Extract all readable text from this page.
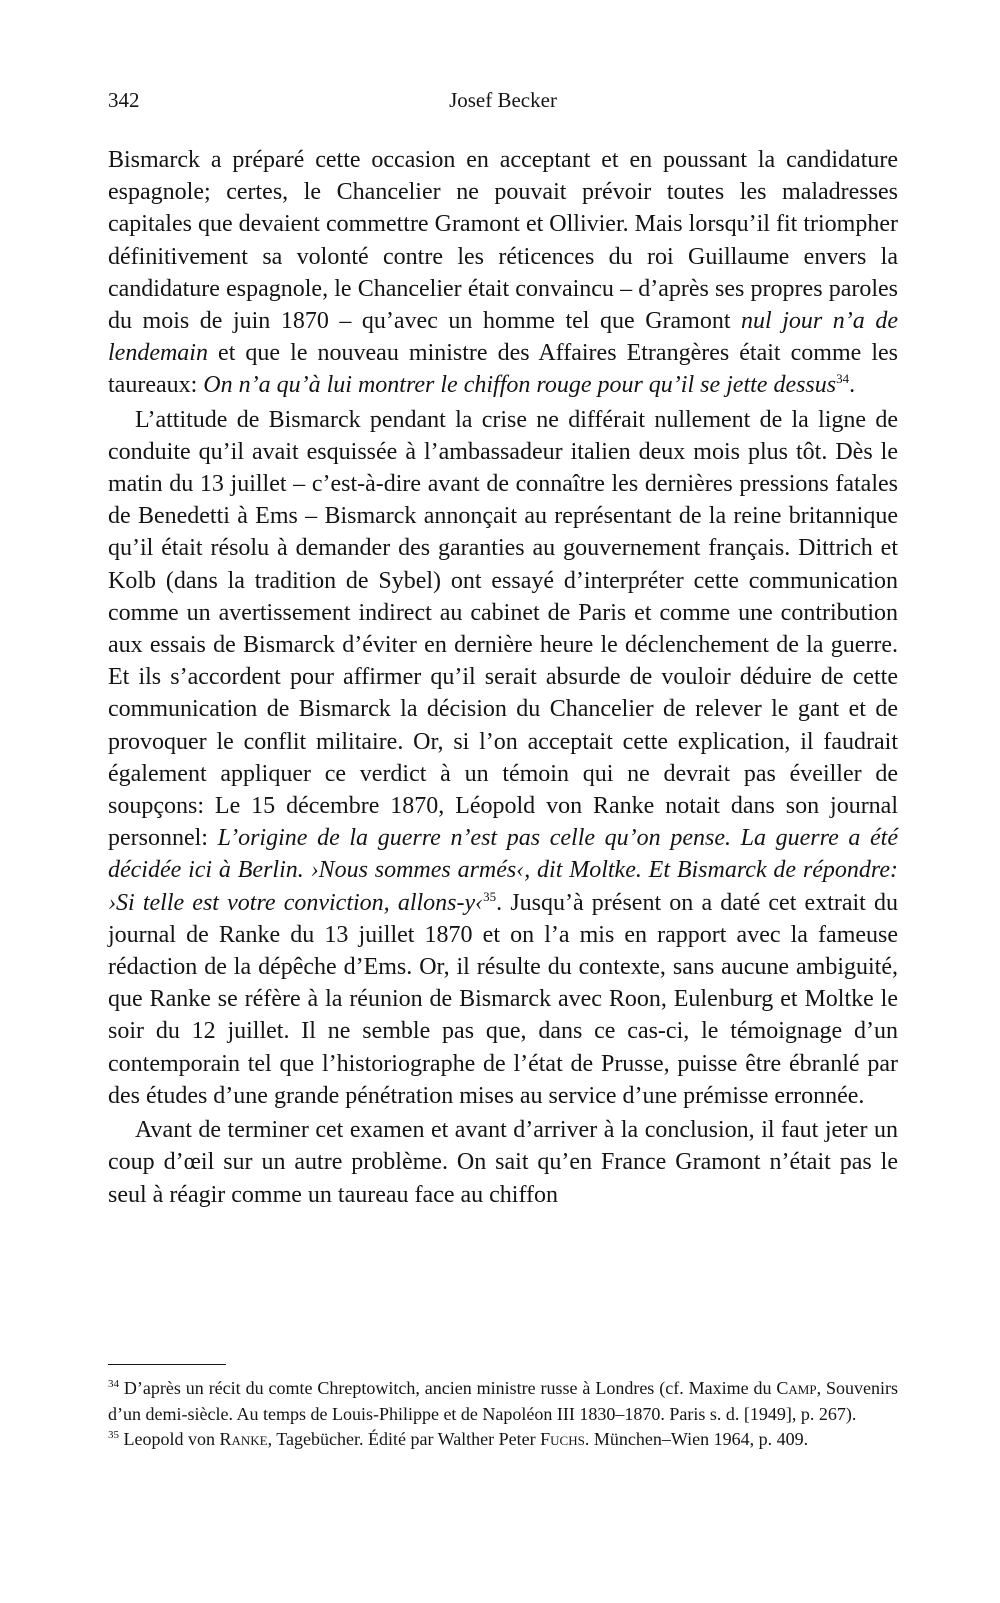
342	Josef Becker

Bismarck a préparé cette occasion en acceptant et en poussant la candidature espagnole; certes, le Chancelier ne pouvait prévoir toutes les maladresses capitales que devaient commettre Gramont et Ollivier. Mais lorsqu’il fit triompher définitivement sa volonté contre les réticences du roi Guillaume envers la candidature espagnole, le Chancelier était convaincu – d’après ses propres paroles du mois de juin 1870 – qu’avec un homme tel que Gramont nul jour n’a de lendemain et que le nouveau ministre des Affaires Etrangères était comme les taureaux: On n’a qu’à lui montrer le chiffon rouge pour qu’il se jette dessus$^{34}$.

L’attitude de Bismarck pendant la crise ne différait nullement de la ligne de conduite qu’il avait esquissée à l’ambassadeur italien deux mois plus tôt. Dès le matin du 13 juillet – c’est-à-dire avant de connaître les dernières pressions fatales de Benedetti à Ems – Bismarck annonçait au représentant de la reine britannique qu’il était résolu à demander des garanties au gouvernement français. Dittrich et Kolb (dans la tradition de Sybel) ont essayé d’interpréter cette communication comme un avertissement indirect au cabinet de Paris et comme une contribution aux essais de Bismarck d’éviter en dernière heure le déclenchement de la guerre. Et ils s’accordent pour affirmer qu’il serait absurde de vouloir déduire de cette communication de Bismarck la décision du Chancelier de relever le gant et de provoquer le conflit militaire. Or, si l’on acceptait cette explication, il faudrait également appliquer ce verdict à un témoin qui ne devrait pas éveiller de soupçons: Le 15 décembre 1870, Léopold von Ranke notait dans son journal personnel: L’origine de la guerre n’est pas celle qu’on pense. La guerre a été décidée ici à Berlin. ›Nous sommes armés‹, dit Moltke. Et Bismarck de répondre: ›Si telle est votre conviction, allons-y‹$^{35}$. Jusqu’à présent on a daté cet extrait du journal de Ranke du 13 juillet 1870 et on l’a mis en rapport avec la fameuse rédaction de la dépêche d’Ems. Or, il résulte du contexte, sans aucune ambiguité, que Ranke se réfère à la réunion de Bismarck avec Roon, Eulenburg et Moltke le soir du 12 juillet. Il ne semble pas que, dans ce cas-ci, le témoignage d’un contemporain tel que l’historiographe de l’état de Prusse, puisse être ébranlé par des études d’une grande pénétration mises au service d’une prémisse erronnée.

Avant de terminer cet examen et avant d’arriver à la conclusion, il faut jeter un coup d’œil sur un autre problème. On sait qu’en France Gramont n’était pas le seul à réagir comme un taureau face au chiffon

$^{34}$ D’après un récit du comte Chreptowitch, ancien ministre russe à Londres (cf. Maxime du Camp, Souvenirs d’un demi-siècle. Au temps de Louis-Philippe et de Napoléon III 1830–1870. Paris s. d. [1949], p. 267).

$^{35}$ Leopold von Ranke, Tagebücher. Édité par Walther Peter Fuchs. München–Wien 1964, p. 409.
